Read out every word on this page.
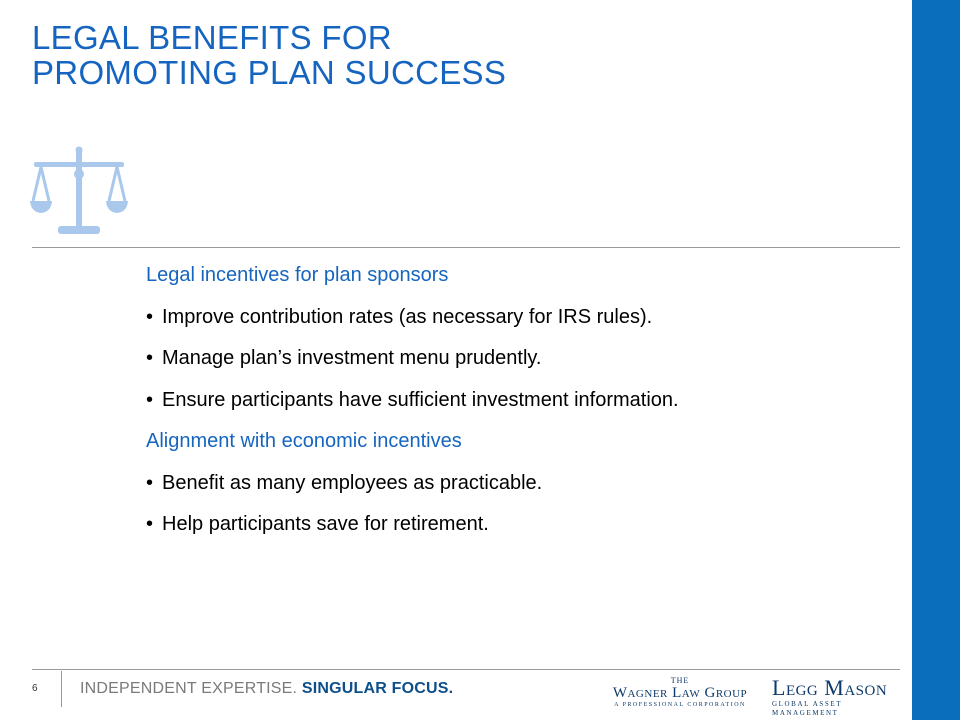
LEGAL BENEFITS FOR
PROMOTING PLAN SUCCESS
Legal incentives for plan sponsors
• Improve contribution rates (as necessary for IRS rules).
• Manage plan’s investment menu prudently.
• Ensure participants have sufficient investment information.
Alignment with economic incentives
• Benefit as many employees as practicable.
• Help participants save for retirement.
6	INDEPENDENT EXPERTISE. SINGULAR FOCUS.	THE
Wagner Law Group
A PROFESSIONAL CORPORATION
Legg Mason
GLOBAL ASSET MANAGEMENT
